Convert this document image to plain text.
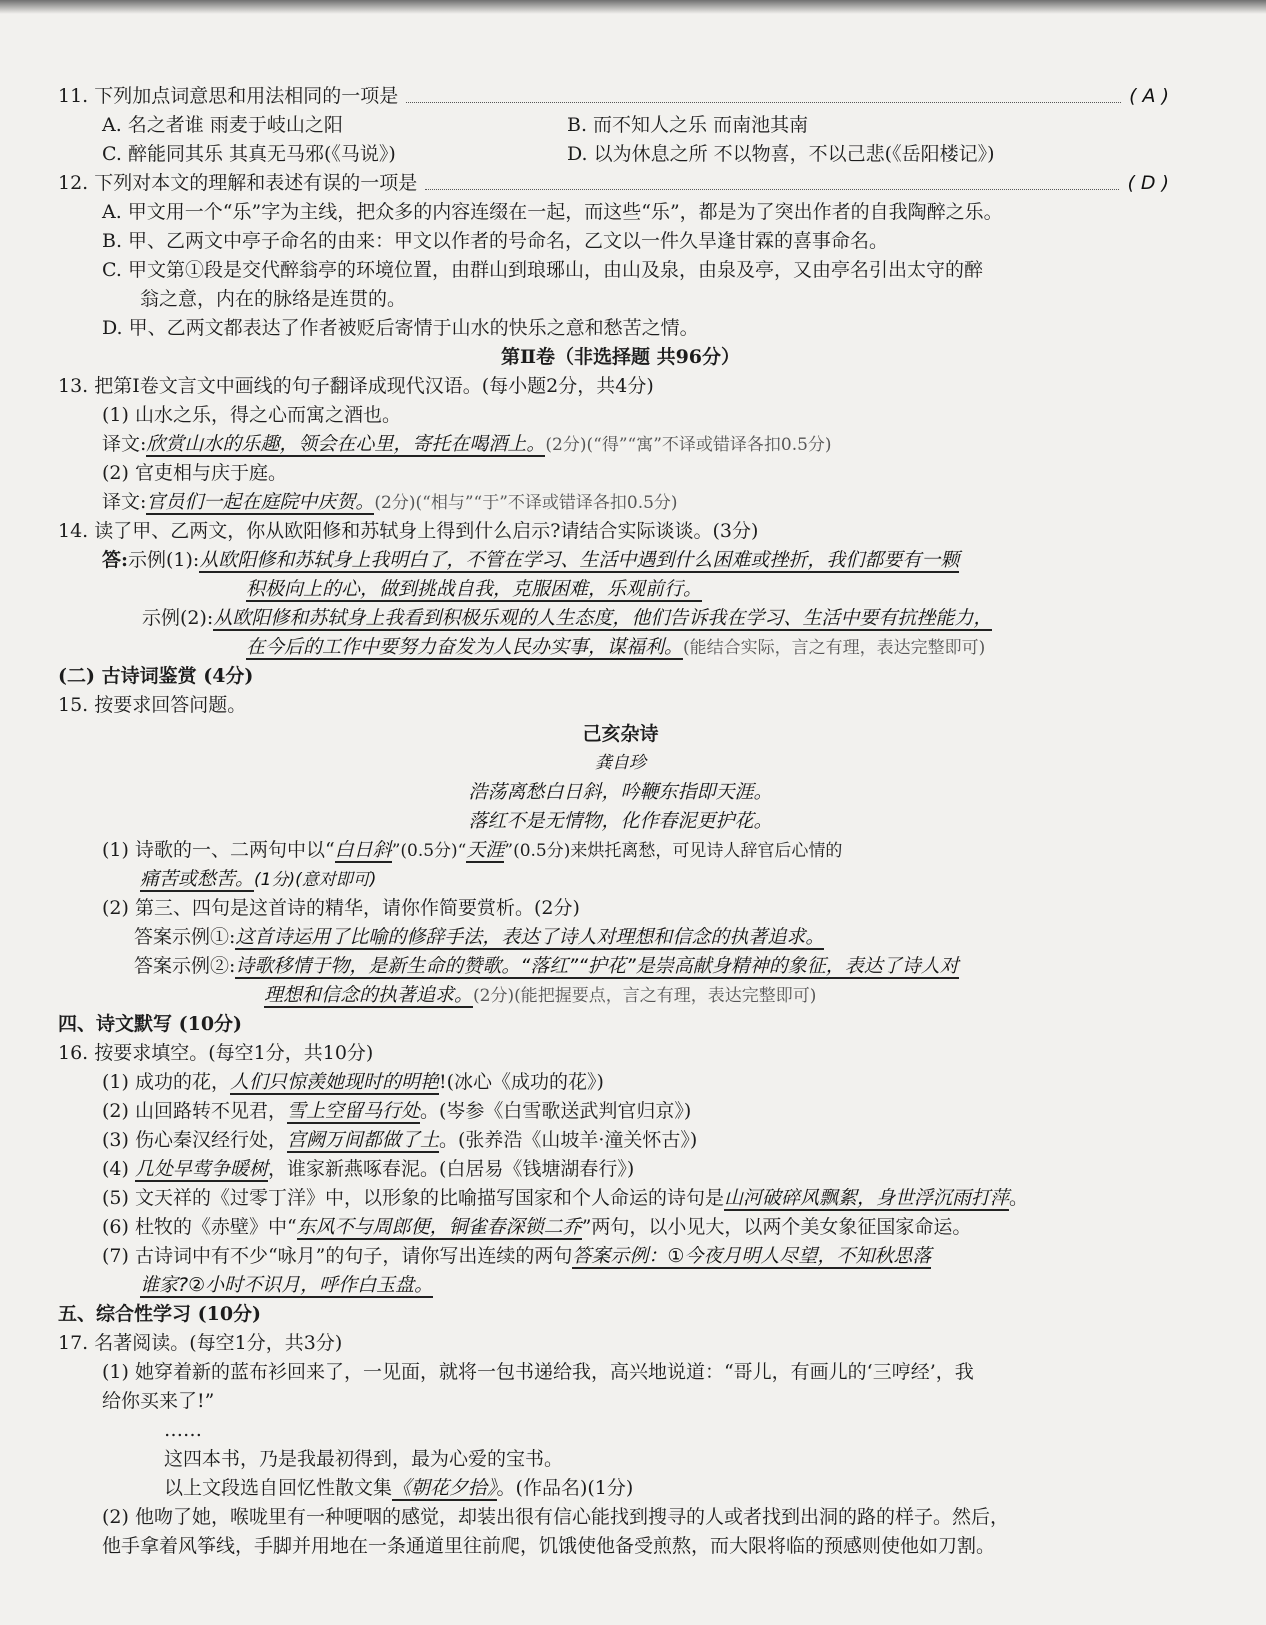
11. 下列加点词意思和用法相同的一项是	( A )
A. 名之者谁 雨麦于岐山之阳	B. 而不知人之乐 而南池其南
C. 醉能同其乐 其真无马邪(《马说》)	D. 以为休息之所 不以物喜，不以己悲(《岳阳楼记》)
12. 下列对本文的理解和表述有误的一项是	( D )
A. 甲文用一个“乐”字为主线，把众多的内容连缀在一起，而这些“乐”，都是为了突出作者的自我陶醉之乐。
B. 甲、乙两文中亭子命名的由来：甲文以作者的号命名，乙文以一件久旱逢甘霖的喜事命名。
C. 甲文第①段是交代醉翁亭的环境位置，由群山到琅琊山，由山及泉，由泉及亭，又由亭名引出太守的醉
翁之意，内在的脉络是连贯的。
D. 甲、乙两文都表达了作者被贬后寄情于山水的快乐之意和愁苦之情。
第Ⅱ卷（非选择题 共96分）
13. 把第Ⅰ卷文言文中画线的句子翻译成现代汉语。(每小题2分，共4分)
(1) 山水之乐，得之心而寓之酒也。
译文:欣赏山水的乐趣，领会在心里，寄托在喝酒上。(2分)(“得”“寓”不译或错译各扣0.5分)
(2) 官吏相与庆于庭。
译文:官员们一起在庭院中庆贺。(2分)(“相与”“于”不译或错译各扣0.5分)
14. 读了甲、乙两文，你从欧阳修和苏轼身上得到什么启示?请结合实际谈谈。(3分)
答:示例(1):从欧阳修和苏轼身上我明白了，不管在学习、生活中遇到什么困难或挫折，我们都要有一颗
积极向上的心，做到挑战自我，克服困难，乐观前行。
示例(2):从欧阳修和苏轼身上我看到积极乐观的人生态度，他们告诉我在学习、生活中要有抗挫能力，
在今后的工作中要努力奋发为人民办实事，谋福利。(能结合实际，言之有理，表达完整即可)
(二) 古诗词鉴赏 (4分)
15. 按要求回答问题。
己亥杂诗
龚自珍
浩荡离愁白日斜，吟鞭东指即天涯。
落红不是无情物，化作春泥更护花。
(1) 诗歌的一、二两句中以“白日斜”(0.5分)“天涯”(0.5分)来烘托离愁，可见诗人辞官后心情的
痛苦或愁苦。(1分)(意对即可)
(2) 第三、四句是这首诗的精华，请你作简要赏析。(2分)
答案示例①:这首诗运用了比喻的修辞手法，表达了诗人对理想和信念的执著追求。
答案示例②:诗歌移情于物，是新生命的赞歌。“落红”“护花”是崇高献身精神的象征，表达了诗人对
理想和信念的执著追求。(2分)(能把握要点，言之有理，表达完整即可)
四、诗文默写 (10分)
16. 按要求填空。(每空1分，共10分)
(1) 成功的花，人们只惊羡她现时的明艳!(冰心《成功的花》)
(2) 山回路转不见君，雪上空留马行处。(岑参《白雪歌送武判官归京》)
(3) 伤心秦汉经行处，宫阙万间都做了土。(张养浩《山坡羊·潼关怀古》)
(4) 几处早莺争暖树，谁家新燕啄春泥。(白居易《钱塘湖春行》)
(5) 文天祥的《过零丁洋》中，以形象的比喻描写国家和个人命运的诗句是山河破碎风飘絮，身世浮沉雨打萍。
(6) 杜牧的《赤壁》中“东风不与周郎便，铜雀春深锁二乔”两句，以小见大，以两个美女象征国家命运。
(7) 古诗词中有不少“咏月”的句子，请你写出连续的两句答案示例：①今夜月明人尽望，不知秋思落
谁家?②小时不识月，呼作白玉盘。
五、综合性学习 (10分)
17. 名著阅读。(每空1分，共3分)
(1) 她穿着新的蓝布衫回来了，一见面，就将一包书递给我，高兴地说道：“哥儿，有画儿的‘三哼经’，我
给你买来了!”
……
这四本书，乃是我最初得到，最为心爱的宝书。
以上文段选自回忆性散文集《朝花夕拾》。(作品名)(1分)
(2) 他吻了她，喉咙里有一种哽咽的感觉，却装出很有信心能找到搜寻的人或者找到出洞的路的样子。然后，
他手拿着风筝线，手脚并用地在一条通道里往前爬，饥饿使他备受煎熬，而大限将临的预感则使他如刀割。
